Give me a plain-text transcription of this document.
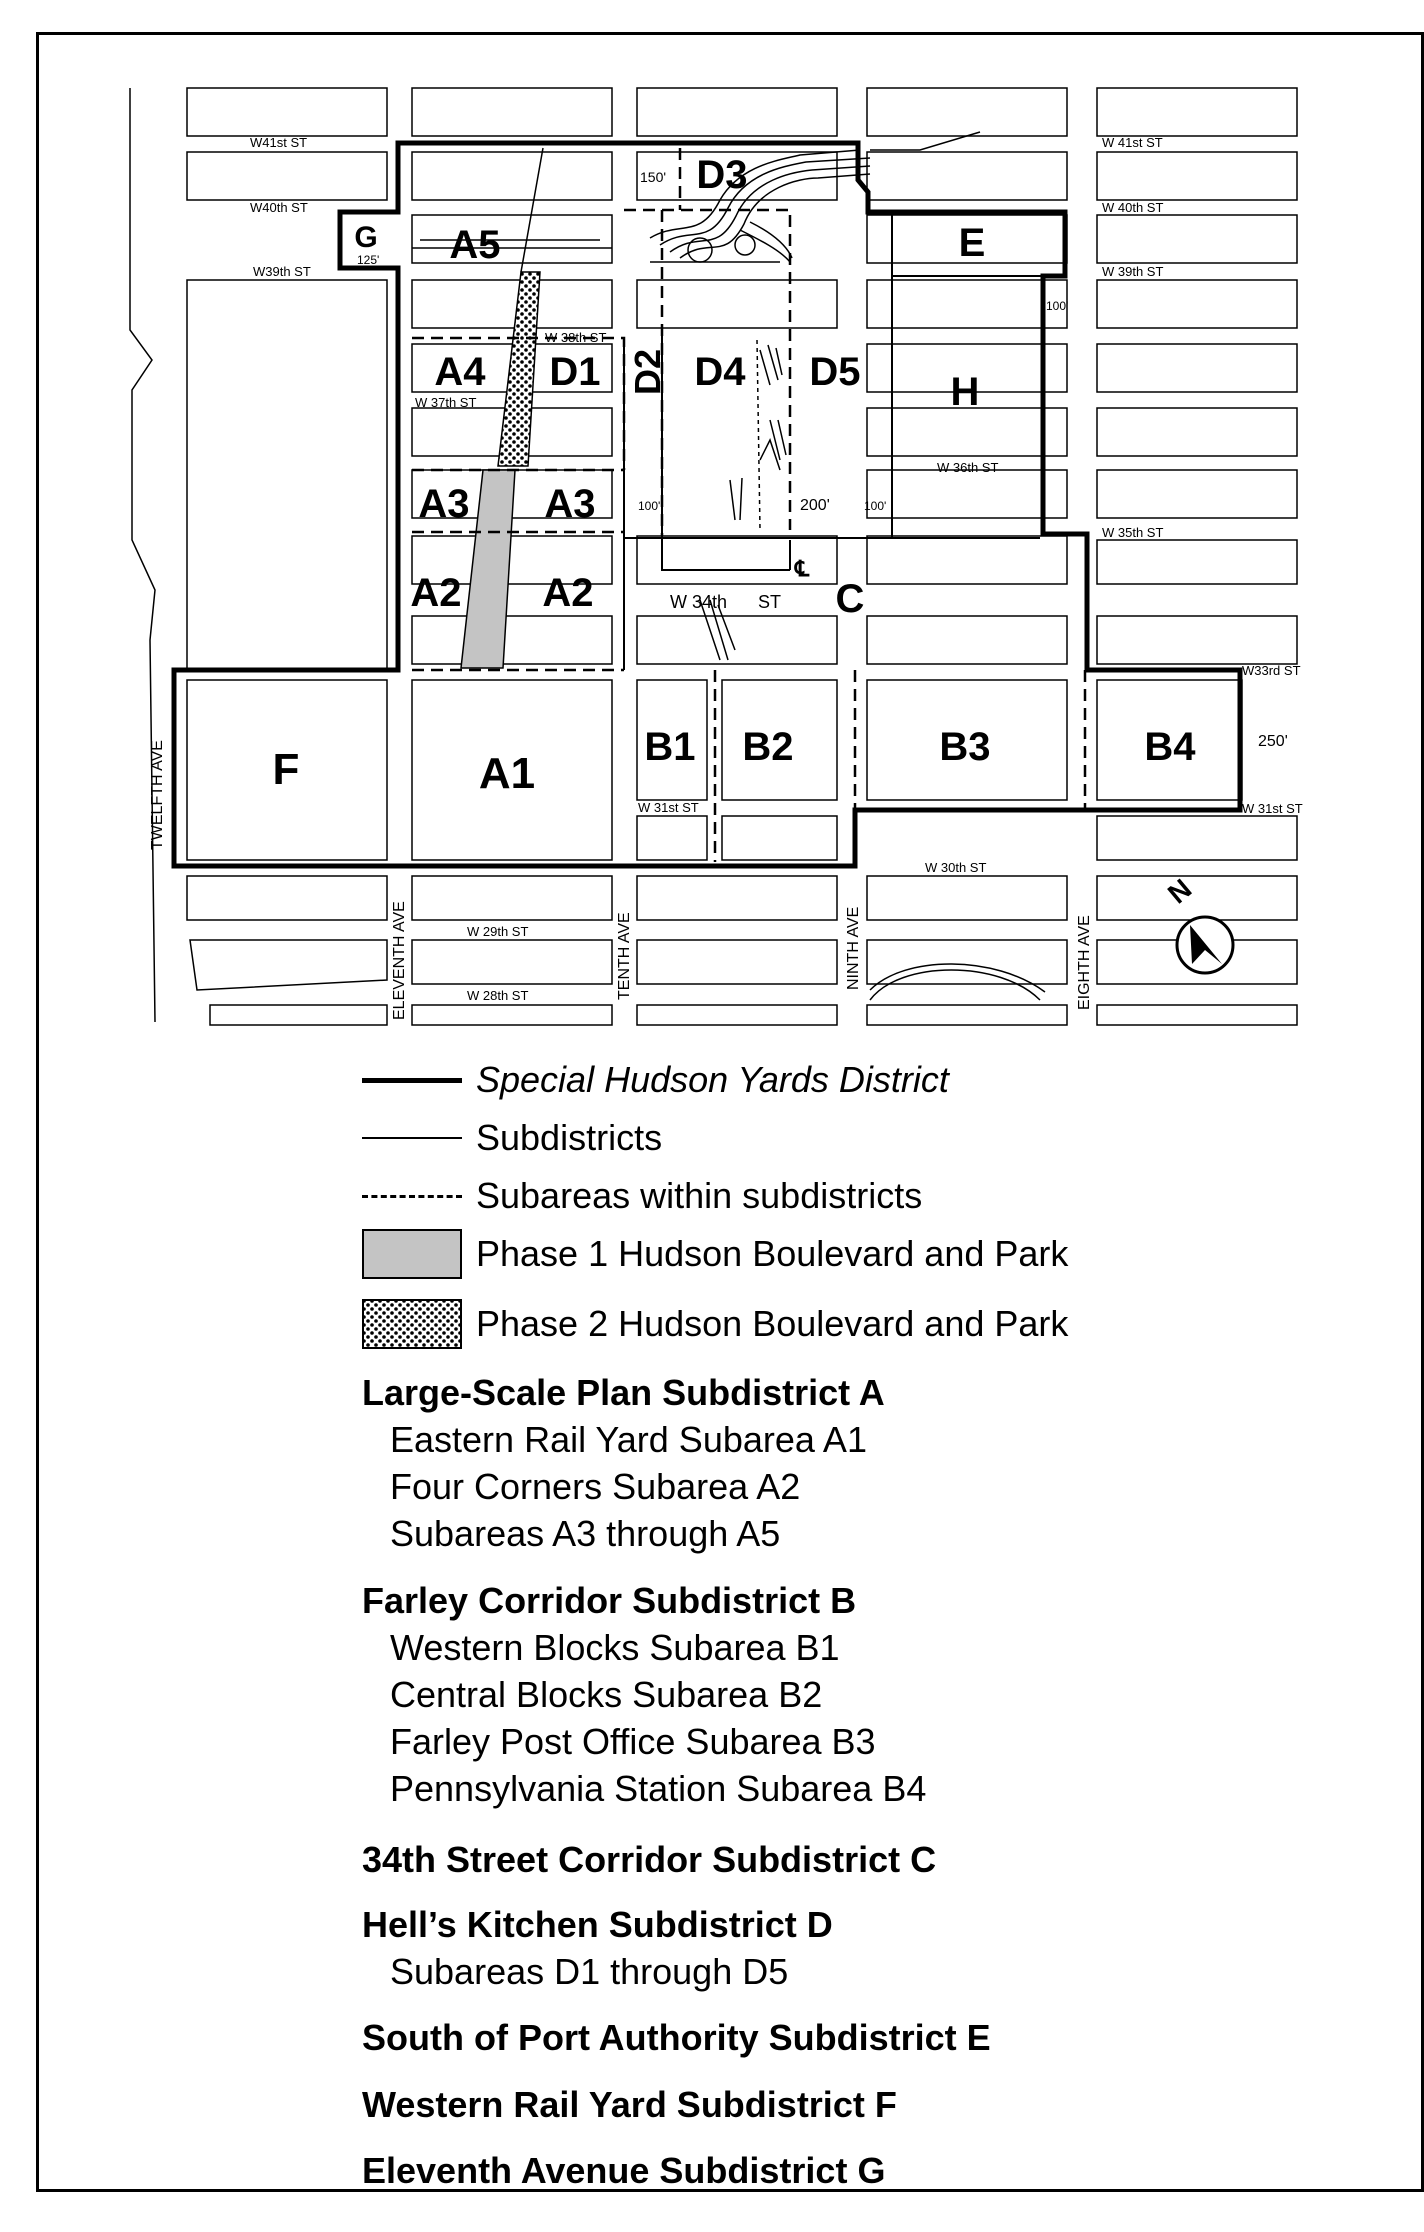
W41st ST	W 41st ST
W40th ST	W 40th ST
W39th ST	W 39th ST
W 38th ST
W 37th ST
W 36th ST
W 35th ST
W33rd ST
W 31st ST	W 31st ST
W 30th ST
W 29th ST
W 28th ST
W 34th ST
TWELFTH AVE
ELEVENTH AVE	TENTH AVE	NINTH AVE	EIGHTH AVE
150'
125'
100'
100'	100'
200'
250'
℄
A1
A2 A2
A3 A3
A4
A5
B1 B2	B3	B4
C
D1
D3
D4 D5
E
F
G
H
D2
N
Special Hudson Yards District
Subdistricts
Subareas within subdistricts
Phase 1 Hudson Boulevard and Park
Phase 2 Hudson Boulevard and Park
Large-Scale Plan Subdistrict A
Eastern Rail Yard Subarea A1
Four Corners Subarea A2
Subareas A3 through A5
Farley Corridor Subdistrict B
Western Blocks Subarea B1
Central Blocks Subarea B2
Farley Post Office Subarea B3
Pennsylvania Station Subarea B4
34th Street Corridor Subdistrict C
Hell’s Kitchen Subdistrict D
Subareas D1 through D5
South of Port Authority Subdistrict E
Western Rail Yard Subdistrict F
Eleventh Avenue Subdistrict G
